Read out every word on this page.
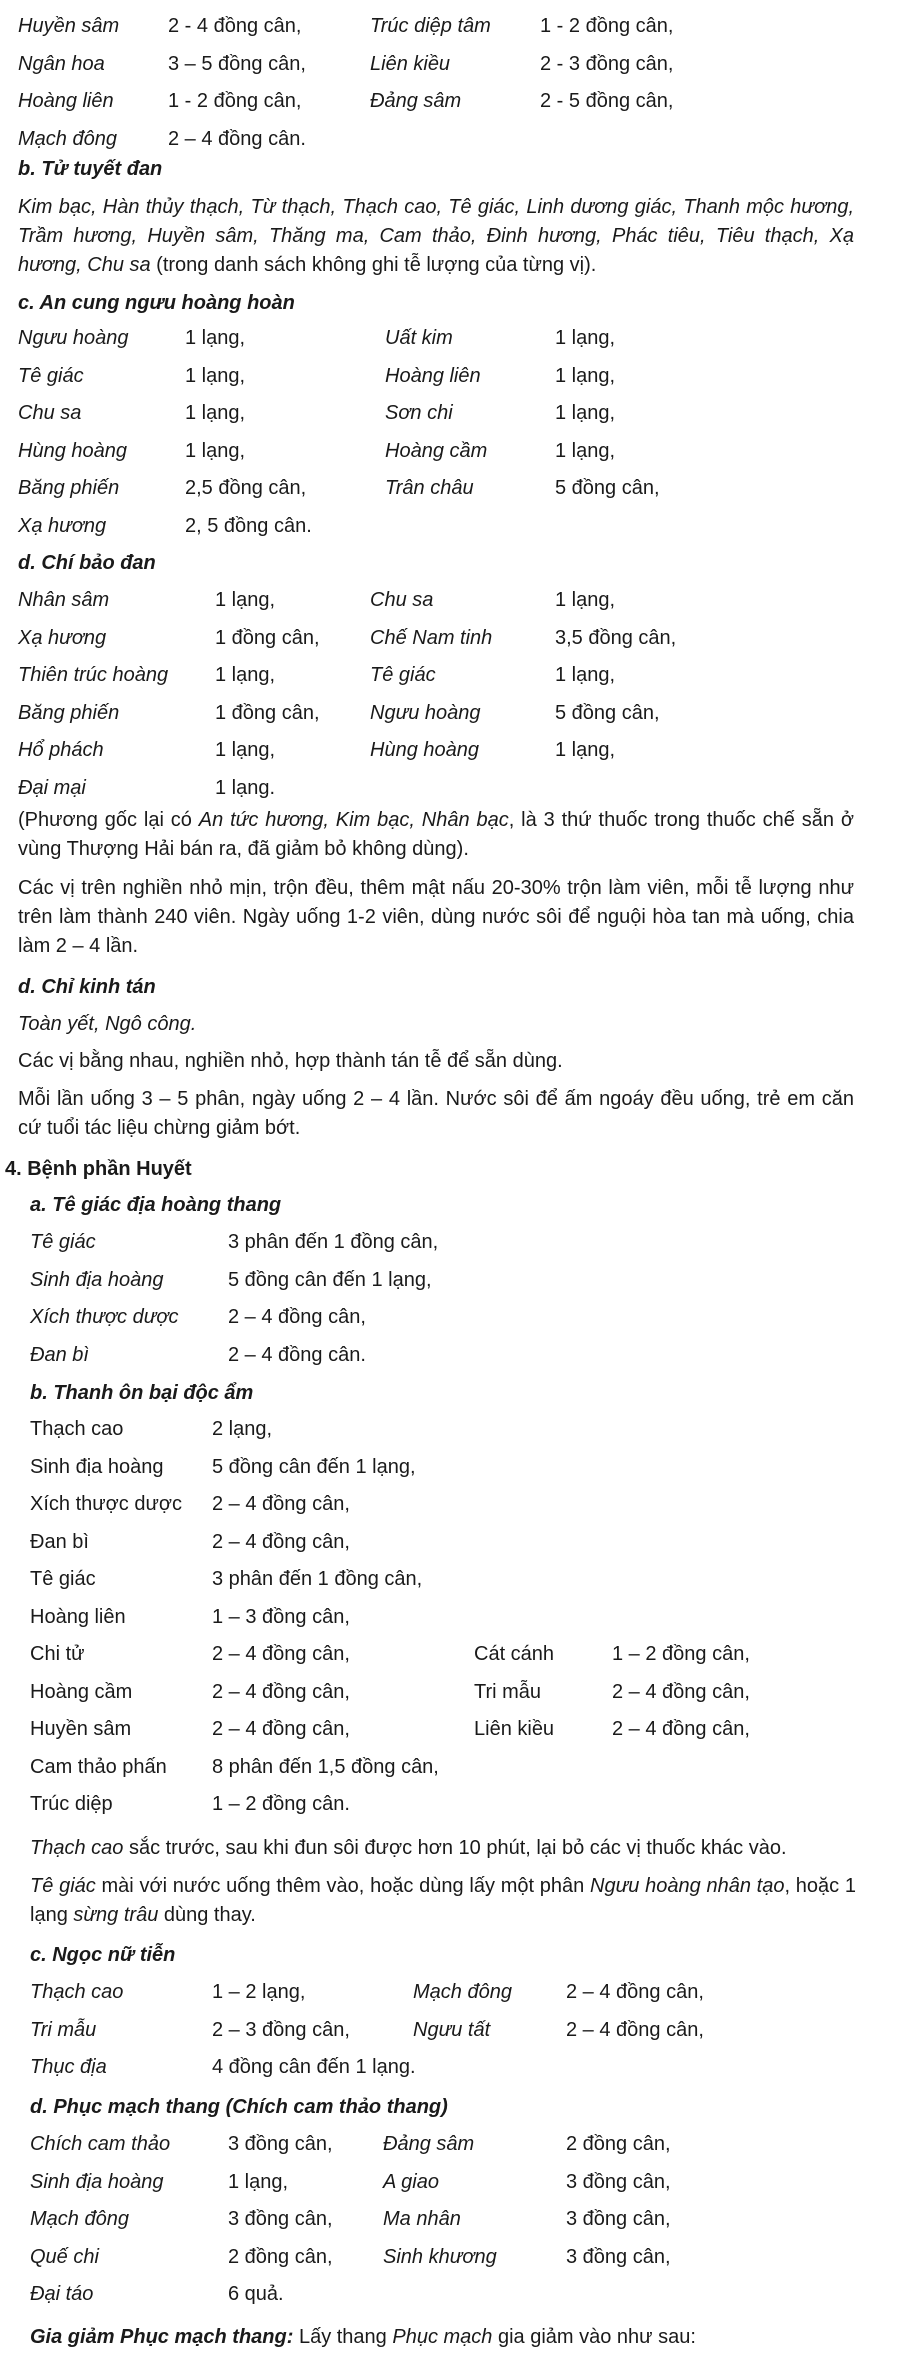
Huyền sâm 2 - 4 đồng cân,	Trúc diệp tâm 1 - 2 đồng cân,
Ngân hoa	3 – 5 đồng cân,	Liên kiều	2 - 3 đồng cân,
Hoàng liên	1 - 2 đồng cân,	Đảng sâm	2 - 5 đồng cân,
Mạch đông	2 – 4 đồng cân.
Ngưu hoàng	1 lạng,	Uất kim	1 lạng,
Tê giác	1 lạng,	Hoàng liên	1 lạng,
Chu sa	1 lạng,	Sơn chi	1 lạng,
Hùng hoàng	1 lạng,	Hoàng cầm	1 lạng,
Băng phiến	2,5 đồng cân,	Trân châu	5 đồng cân,
Xạ hương	2, 5 đồng cân.
Nhân sâm	1 lạng,	Chu sa	1 lạng,
Xạ hương	1 đồng cân,	Chế Nam tinh	3,5 đồng cân,
Thiên trúc hoàng 1 lạng,	Tê giác	1 lạng,
Băng phiến	1 đồng cân,	Ngưu hoàng	5 đồng cân,
Hổ phách	1 lạng,	Hùng hoàng	1 lạng,
Đại mại	1 lạng.
Tê giác	3 phân đến 1 đồng cân,
Sinh địa hoàng	5 đồng cân đến 1 lạng,
Xích thược dược 2 – 4 đồng cân,
Đan bì	2 – 4 đồng cân.
Thạch cao	2 lạng,
Sinh địa hoàng 5 đồng cân đến 1 lạng,
Xích thược dược 2 – 4 đồng cân,
Đan bì	2 – 4 đồng cân,
Tê giác	3 phân đến 1 đồng cân,
Hoàng liên	1 – 3 đồng cân,
Chi tử	2 – 4 đồng cân,	Cát cánh	1 – 2 đồng cân,
Hoàng cầm	2 – 4 đồng cân,	Tri mẫu	2 – 4 đồng cân,
Huyền sâm	2 – 4 đồng cân,	Liên kiều	2 – 4 đồng cân,
Cam thảo phấn 8 phân đến 1,5 đồng cân,
Trúc diệp	1 – 2 đồng cân.
Thạch cao	1 – 2 lạng,	Mạch đông	2 – 4 đồng cân,
Tri mẫu	2 – 3 đồng cân,	Ngưu tất	2 – 4 đồng cân,
Thục địa	4 đồng cân đến 1 lạng.
Chích cam thảo	3 đồng cân,	Đảng sâm	2 đồng cân,
Sinh địa hoàng	1 lạng,	A giao	3 đồng cân,
Mạch đông	3 đồng cân,	Ma nhân	3 đồng cân,
Quế chi	2 đồng cân,	Sinh khương	3 đồng cân,
Đại táo	6 quả.
b. Tử tuyết đan
Kim bạc, Hàn thủy thạch, Từ thạch, Thạch cao, Tê giác, Linh dương giác, Thanh mộc hương, Trầm hương, Huyền sâm, Thăng ma, Cam thảo, Đinh hương, Phác tiêu, Tiêu thạch, Xạ hương, Chu sa (trong danh sách không ghi tễ lượng của từng vị).
c. An cung ngưu hoàng hoàn
d. Chí bảo đan
(Phương gốc lại có An tức hương, Kim bạc, Nhân bạc, là 3 thứ thuốc trong thuốc chế sẵn ở vùng Thượng Hải bán ra, đã giảm bỏ không dùng).
Các vị trên nghiền nhỏ mịn, trộn đều, thêm mật nấu 20-30% trộn làm viên, mỗi tễ lượng như trên làm thành 240 viên. Ngày uống 1-2 viên, dùng nước sôi để nguội hòa tan mà uống, chia làm 2 – 4 lần.
d. Chỉ kinh tán
Toàn yết, Ngô công.
Các vị bằng nhau, nghiền nhỏ, hợp thành tán tễ để sẵn dùng.
Mỗi lần uống 3 – 5 phân, ngày uống 2 – 4 lần. Nước sôi để ấm ngoáy đều uống, trẻ em căn cứ tuổi tác liệu chừng giảm bớt.
4. Bệnh phần Huyết
a. Tê giác địa hoàng thang
b. Thanh ôn bại độc ẩm
Thạch cao sắc trước, sau khi đun sôi được hơn 10 phút, lại bỏ các vị thuốc khác vào.
Tê giác mài với nước uống thêm vào, hoặc dùng lấy một phân Ngưu hoàng nhân tạo, hoặc 1 lạng sừng trâu dùng thay.
c. Ngọc nữ tiễn
d. Phục mạch thang (Chích cam thảo thang)
Gia giảm Phục mạch thang: Lấy thang Phục mạch gia giảm vào như sau:
